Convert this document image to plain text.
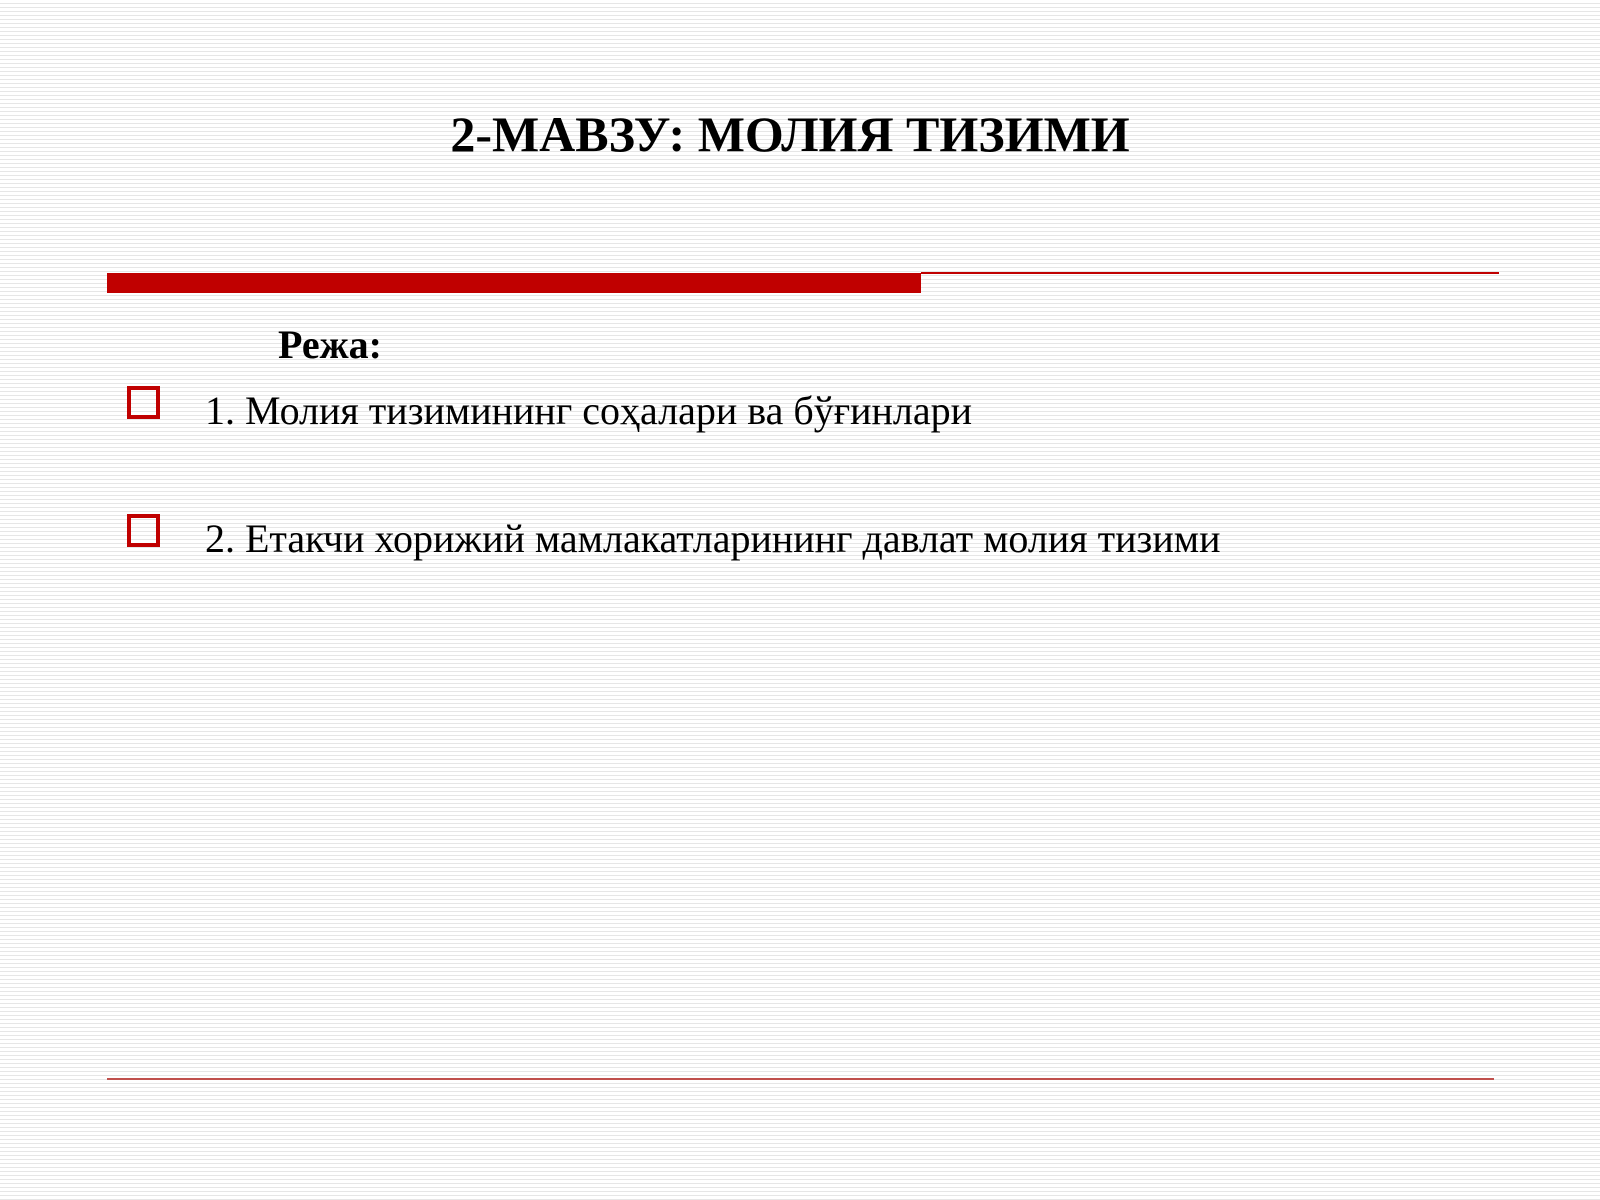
2-МАВЗУ: МОЛИЯ ТИЗИМИ
Режа:
1. Молия тизимининг соҳалари ва бўғинлари
2. Етакчи хорижий мамлакатларининг давлат молия тизими
